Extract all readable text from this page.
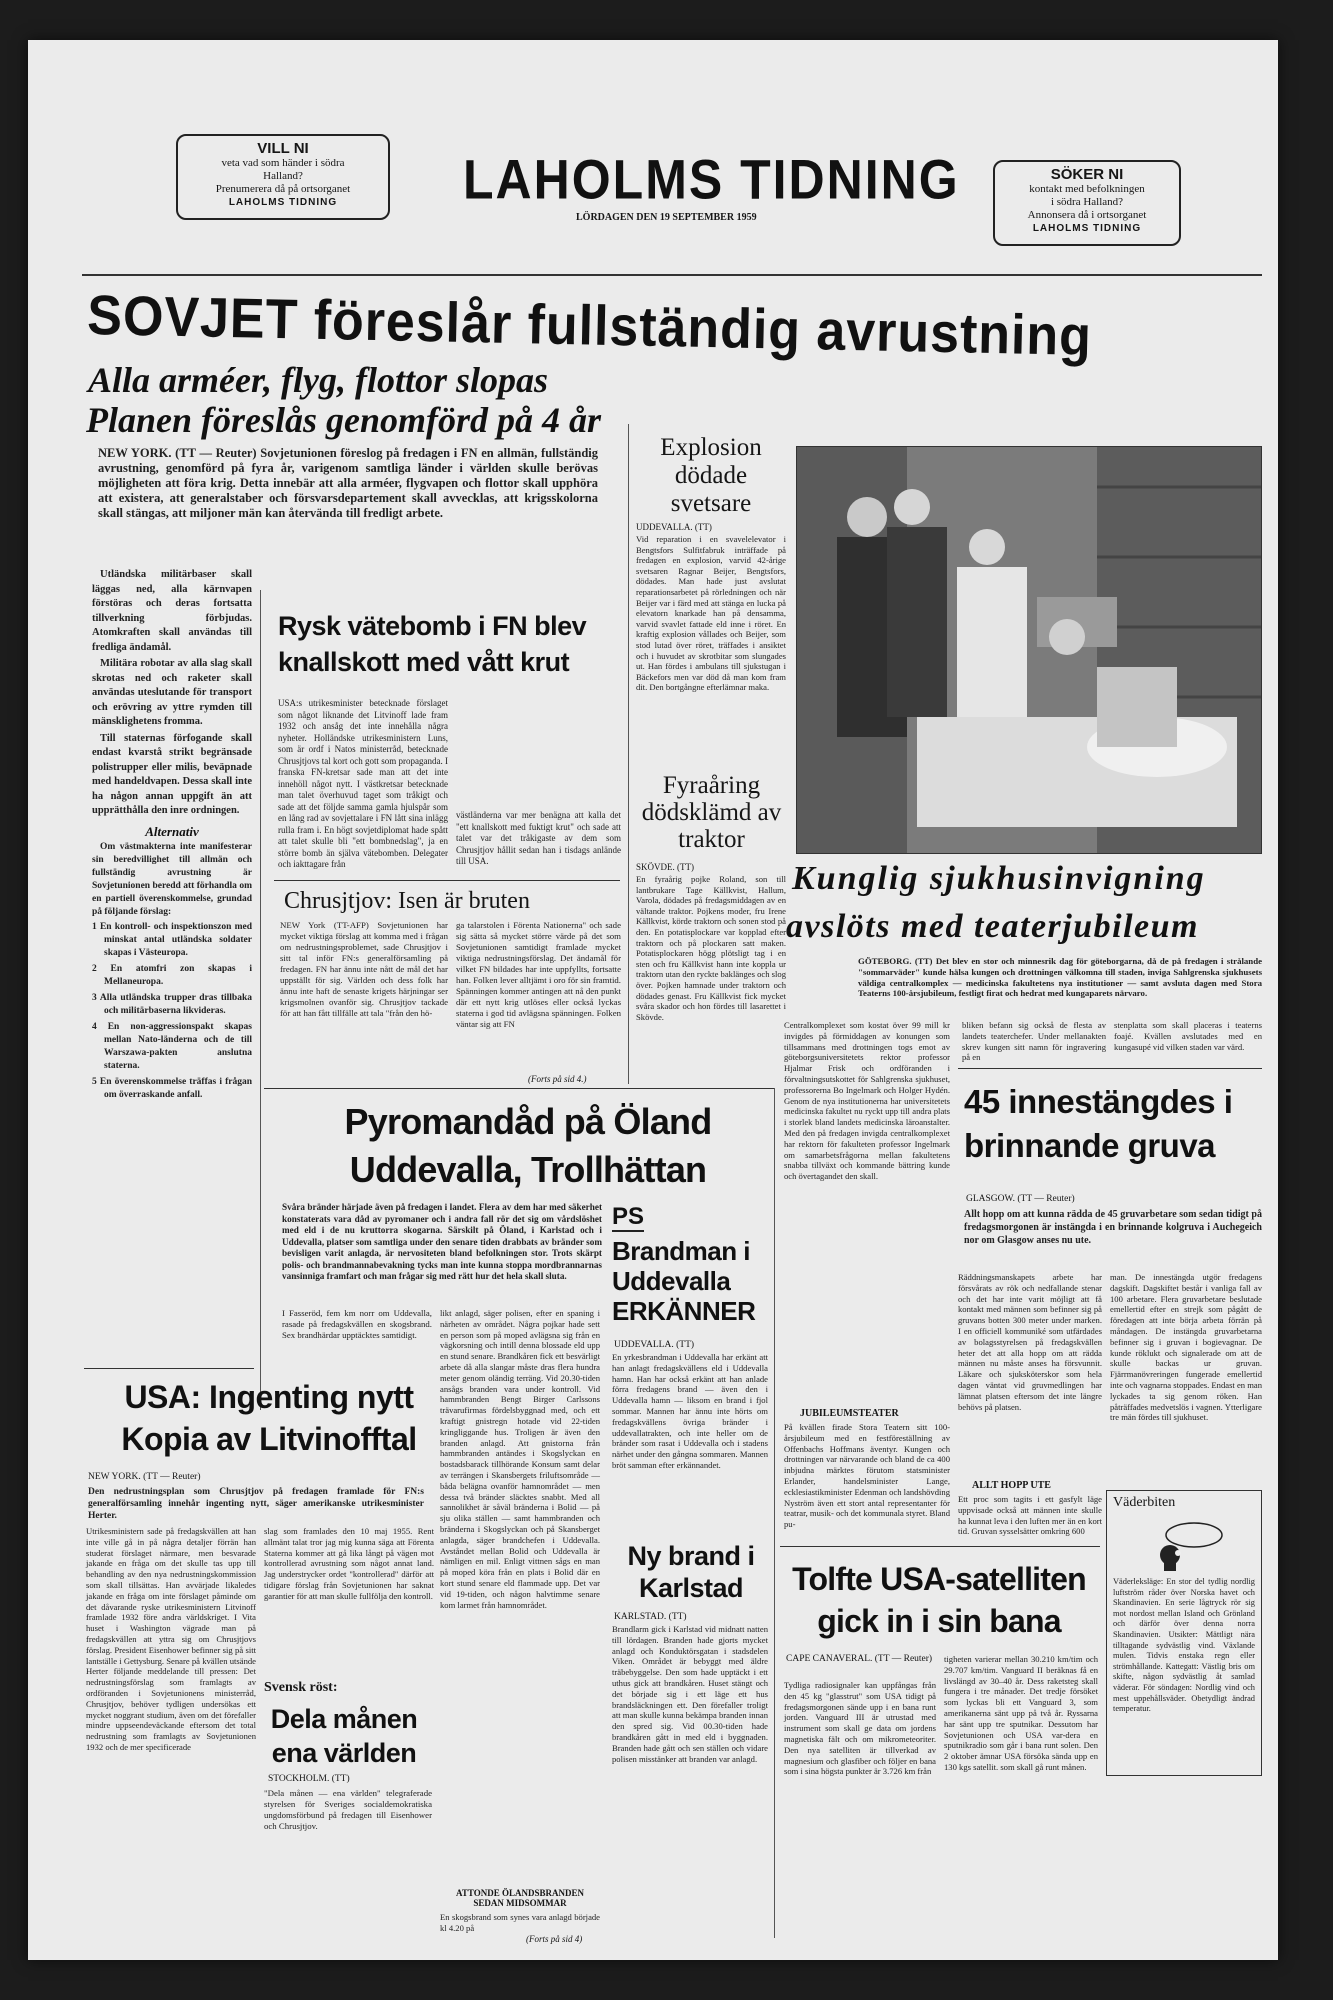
VILL NI
veta vad som händer i södra
Halland?
Prenumerera då på ortsorganet
LAHOLMS TIDNING	LAHOLMS TIDNING
LÖRDAGEN DEN 19 SEPTEMBER 1959
SÖKER NI
kontakt med befolkningen
i södra Halland?
Annonsera då i ortsorganet
LAHOLMS TIDNING
SOVJET föreslår fullständig avrustning
Alla arméer, flyg, flottor slopas
Planen föreslås genomförd på 4 år
NEW YORK. (TT — Reuter) Sovjetunionen föreslog på fredagen i FN en allmän, fullständig avrustning, genomförd på fyra år, varigenom samtliga länder i världen skulle berövas möjligheten att föra krig. Detta innebär att alla arméer, flygvapen och flottor skall upphöra att existera, att generalstaber och försvarsdepartement skall avvecklas, att krigsskolorna skall stängas, att miljoner män kan återvända till fredligt arbete.

Utländska militärbaser skall läggas ned, alla kärnvapen förstöras och deras fortsatta tillverkning förbjudas. Atomkraften skall användas till fredliga ändamål.

Militära robotar av alla slag skall skrotas ned och raketer skall användas uteslutande för transport och erövring av yttre rymden till mänsklighetens fromma.

Till staternas förfogande skall endast kvarstå strikt begränsade polistrupper eller milis, beväpnade med handeldvapen. Dessa skall inte ha någon annan uppgift än att upprätthålla den inre ordningen.

Alternativ

Om västmakterna inte manifesterar sin beredvillighet till allmän och fullständig avrustning är Sovjetunionen beredd att förhandla om en partiell överenskommelse, grundad på följande förslag:

1 En kontroll- och inspektionszon med minskat antal utländska soldater skapas i Västeuropa.
2 En atomfri zon skapas i Mellaneuropa.
3 Alla utländska trupper dras tillbaka och militärbaserna likvideras.
4 En non-aggressionspakt skapas mellan Nato-länderna och de till Warszawa-pakten anslutna staterna.
5 En överenskommelse träffas i frågan om överraskande anfall.
Rysk vätebomb i FN blev knallskott med vått krut
USA:s utrikesminister betecknade förslaget som något liknande det Litvinoff lade fram 1932 och ansåg det inte innehålla några nyheter. Holländske utrikesministern Luns, som är ordf i Natos ministerråd, betecknade Chrusjtjovs tal kort och gott som propaganda. I franska FN-kretsar sade man att det inte innehöll något nytt. I västkretsar betecknade man talet överhuvud taget som tråkigt och sade att det följde samma gamla hjulspår som en lång rad av sovjettalare i FN lått sina inlägg rulla fram i. En högt sovjetdiplomat hade spått att talet skulle bli "ett bombnedslag", ja en större bomb än själva vätebomben. Delegater och iakttagare från
västländerna var mer benägna att kalla det "ett knallskott med fuktigt krut" och sade att talet var det tråkigaste av dem som Chrusjtjov hållit sedan han i tisdags anlände till USA.
Chrusjtjov: Isen är bruten
NEW York (TT-AFP) Sovjetunionen har mycket viktiga förslag att komma med i frågan om nedrustningsproblemet, sade Chrusjtjov i sitt tal inför FN:s generalförsamling på fredagen. FN har ännu inte nått de mål det har uppställt för sig. Världen och dess folk har ännu inte haft de senaste krigets härjningar ser krigsmolnen ovanför sig. Chrusjtjov tackade för att han fått tillfälle att tala "från den hö-
ga talarstolen i Förenta Nationerna" och sade sig sätta så mycket större värde på det som Sovjetunionen samtidigt framlade mycket viktiga nedrustningsförslag. Det ändamål för vilket FN bildades har inte uppfyllts, fortsatte han. Folken lever alltjämt i oro för sin framtid. Spänningen kommer antingen att nå den punkt där ett nytt krig utlöses eller också lyckas staterna i god tid avlägsna spänningen. Folken väntar sig att FN
(Forts på sid 4.)
Explosion dödade svetsare
UDDEVALLA. (TT)
Vid reparation i en svavelelevator i Bengtsfors Sulfitfabruk inträffade på fredagen en explosion, varvid 42-årige svetsaren Ragnar Beijer, Bengtsfors, dödades. Man hade just avslutat reparationsarbetet på rörledningen och när Beijer var i färd med att stänga en lucka på elevatorn knarkade han på densamma, varvid svavlet fattade eld inne i röret. En kraftig explosion vållades och Beijer, som stod lutad över röret, träffades i ansiktet och i huvudet av skrotbitar som slungades ut. Han fördes i ambulans till sjukstugan i Bäckefors men var död då man kom fram dit. Den bortgångne efterlämnar maka.
Fyraåring dödsklämd av traktor
SKÖVDE. (TT)
En fyraårig pojke Roland, son till lantbrukare Tage Källkvist, Hallum, Varola, dödades på fredagsmiddagen av en vältande traktor. Pojkens moder, fru Irene Källkvist, körde traktorn och sonen stod på den. En potatisplockare var kopplad efter traktorn och på plockaren satt maken. Potatisplockaren högg plötsligt tag i en sten och fru Källkvist hann inte koppla ur traktorn utan den ryckte baklänges och slog över. Pojken hamnade under traktorn och dödades genast. Fru Källkvist fick mycket svåra skador och hon fördes till lasarettet i Skövde.
Kunglig sjukhusinvigning
avslöts med teaterjubileum
GÖTEBORG. (TT) Det blev en stor och minnesrik dag för göteborgarna, då de på fredagen i strålande "sommarväder" kunde hälsa kungen och drottningen välkomna till staden, inviga Sahlgrenska sjukhusets väldiga centralkomplex — medicinska fakultetens nya institutioner — samt avsluta dagen med Stora Teaterns 100-årsjubileum, festligt firat och hedrat med kungaparets närvaro.
Centralkomplexet som kostat över 99 mill kr invigdes på förmiddagen av konungen som tillsammans med drottningen togs emot av göteborgsuniversitetets rektor professor Hjalmar Frisk och ordföranden i förvaltningsutskottet för Sahlgrenska sjukhuset, professorerna Bo Ingelmark och Holger Hydén. Genom de nya institutionerna har universitetets medicinska fakultet nu ryckt upp till andra plats i storlek bland landets medicinska läroanstalter. Med den på fredagen invigda centralkomplexet har rektorn för fakulteten professor Ingelmark om samarbetsfrågorna mellan fakultetens snabba tillväxt och kommande bättring kunde och övertagandet den skall.
bliken befann sig också de flesta av landets teaterchefer. Under mellanakten skrev kungen sitt namn för ingravering på en
stenplatta som skall placeras i teaterns foajé. Kvällen avslutades med en kungasupé vid vilken staden var värd.
JUBILEUMSTEATER
På kvällen firade Stora Teatern sitt 100-årsjubileum med en festföreställning av Offenbachs Hoffmans äventyr. Kungen och drottningen var närvarande och bland de ca 400 inbjudna märktes förutom statsminister Erlander, handelsminister Lange, ecklesiastikminister Edenman och landshövding Nyström även ett stort antal representanter för teatrar, musik- och det kommunala styret. Bland pu-
45 innestängdes i brinnande gruva
GLASGOW. (TT — Reuter)
Allt hopp om att kunna rädda de 45 gruvarbetare som sedan tidigt på fredagsmorgonen är instängda i en brinnande kolgruva i Auchegeich nor om Glasgow anses nu ute.
Räddningsmanskapets arbete har försvårats av rök och nedfallande stenar och det har inte varit möjligt att få kontakt med männen som befinner sig på gruvans botten 300 meter under marken. I en officiell kommuniké som utfärdades av bolagsstyrelsen på fredagskvällen heter det att alla hopp om att rädda männen nu måste anses ha försvunnit. Läkare och sjuksköterskor som hela dagen väntat vid gruvmedlingen har lämnat platsen eftersom det inte längre behövs på platsen.
ALLT HOPP UTE
Ett proc som tagits i ett gasfylt läge uppvisade också att männen inte skulle ha kunnat leva i den luften mer än en kort tid. Gruvan sysselsätter omkring 600
man. De innestängda utgör fredagens dagskift. Dagskiftet består i vanliga fall av 100 arbetare. Flera gruvarbetare beslutade emellertid efter en strejk som pågått de föredagen att inte börja arbeta förrän på måndagen. De instängda gruvarbetarna befinner sig i gruvan i bogievagnar. De kunde röklukt och signalerade om att de skulle backas ur gruvan. Fjärrmanövreringen fungerade emellertid inte och vagnarna stoppades. Endast en man lyckades ta sig genom röken. Han påträffades medvetslös i vagnen. Ytterligare tre män fördes till sjukhuset.
Väderbiten
Väderleksläge: En stor del tydlig nordlig luftström råder över Norska havet och Skandinavien. En serie lågtryck rör sig mot nordost mellan Island och Grönland och därför över denna norra Skandinavien. Utsikter: Mättligt nära tilltagande sydvästlig vind. Växlande mulen. Tidvis enstaka regn eller strömhållande. Kattegatt: Västlig bris om skifte, någon sydvästlig åt samlad väderar. För söndagen: Nordlig vind och mest uppehållsväder. Obetydligt ändrad temperatur.
USA: Ingenting nytt Kopia av Litvinofftal
NEW YORK. (TT — Reuter)
Den nedrustningsplan som Chrusjtjov på fredagen framlade för FN:s generalförsamling innehår ingenting nytt, säger amerikanske utrikesminister Herter.
Utrikesministern sade på fredagskvällen att han inte ville gå in på några detaljer förrän han studerat förslaget närmare, men besvarade jakande en fråga om det skulle tas upp till behandling av den nya nedrustningskommission som skall tillsättas. Han avvärjade likaledes jakande en fråga om inte förslaget påminde om det dåvarande ryske utrikesministern Litvinoff framlade 1932 före andra världskriget. I Vita huset i Washington vägrade man på fredagskvällen att yttra sig om Chrusjtjovs förslag. President Eisenhower befinner sig på sitt lantställe i Gettysburg. Senare på kvällen utsände Herter följande meddelande till pressen: Det nedrustningsförslag som framlagts av ordföranden i Sovjetunionens ministerråd, Chrusjtjov, behöver tydligen undersökas ett mycket noggrant studium, även om det förefaller mindre uppseendeväckande eftersom det total nedrustning som framlagts av Sovjetunionen 1932 och de mer specificerade
slag som framlades den 10 maj 1955. Rent allmänt talat tror jag mig kunna säga att Förenta Staterna kommer att gå lika långt på vägen mot kontrollerad avrustning som något annat land. Jag understrycker ordet "kontrollerad" därför att tidigare förslag från Sovjetunionen har saknat garantier för att man skulle fullfölja den kontroll.
Svensk röst:
Dela månen ena världen
STOCKHOLM. (TT)
"Dela månen — ena världen" telegraferade styrelsen för Sveriges socialdemokratiska ungdomsförbund på fredagen till Eisenhower och Chrusjtjov.
Pyromandåd på Öland Uddevalla, Trollhättan
Svåra bränder härjade även på fredagen i landet. Flera av dem har med säkerhet konstaterats vara dåd av pyromaner och i andra fall rör det sig om vårdslöshet med eld i de nu kruttorra skogarna. Särskilt på Öland, i Karlstad och i Uddevalla, platser som samtliga under den senare tiden drabbats av bränder som bevisligen varit anlagda, är nervositeten bland befolkningen stor. Trots skärpt polis- och brandmannabevakning tycks man inte kunna stoppa mordbrannarnas vansinniga framfart och man frågar sig med rätt hur det hela skall sluta.
I Fasseröd, fem km norr om Uddevalla, rasade på fredagskvällen en skogsbrand. Sex brandhärdar upptäcktes samtidigt.
likt anlagd, säger polisen, efter en spaning i närheten av området. Några pojkar hade sett en person som på moped avlägsna sig från en vägkorsning och intill denna blossade eld upp en stund senare. Brandkåren fick ett besvärligt arbete då alla slangar måste dras flera hundra meter genom oländig terräng. Vid 20.30-tiden ansågs branden vara under kontroll. Vid hammbranden Bengt Birger Carlssons trävarufirmas fördelsbyggnad med, och ett kraftigt gnistregn hotade vid 22-tiden kringliggande hus. Troligen är även den branden anlagd. Att gnistorna från hammbranden antändes i Skogslyckan en bostadsbarack tillhörande Konsum samt delar av terrängen i Skansbergets friluftsområde — båda belägna ovanför hamnområdet — men dessa två bränder släcktes snabbt. Med all sannolikhet är såväl bränderna i Bolid — på sju olika ställen — samt hammbranden och bränderna i Skogslyckan och på Skansberget anlagda, säger brandchefen i Uddevalla. Avståndet mellan Bolid och Uddevalla är nämligen en mil. Enligt vittnen sågs en man på moped köra från en plats i Bolid där en kort stund senare eld flammade upp. Det var vid 19-tiden, och någon halvtimme senare kom larmet från hamnområdet.
ATTONDE ÖLANDSBRANDEN SEDAN MIDSOMMAR
En skogsbrand som synes vara anlagd började kl 4.20 på
(Forts på sid 4)
PS
Brandman i Uddevalla ERKÄNNER
UDDEVALLA. (TT)
En yrkesbrandman i Uddevalla har erkänt att han anlagt fredagskvällens eld i Uddevalla hamn. Han har också erkänt att han anlade förra fredagens brand — även den i Uddevalla hamn — liksom en brand i fjol sommar. Mannen har ännu inte hörts om fredagskvällens övriga bränder i uddevallatrakten, och inte heller om de bränder som rasat i Uddevalla och i stadens närhet under den gångna sommaren. Mannen bröt samman efter erkännandet.
Ny brand i Karlstad
KARLSTAD. (TT)
Brandlarm gick i Karlstad vid midnatt natten till lördagen. Branden hade gjorts mycket anlagd och Konduktörsgatan i stadsdelen Viken. Området är bebyggt med äldre träbebyggelse. Den som hade upptäckt i ett uthus gick att brandkåren. Huset stängt och det började sig i ett läge ett hus brandsläckningen ett. Den förefaller troligt att man skulle kunna bekämpa branden innan den spred sig. Vid 00.30-tiden hade brandkåren gått in med eld i byggnaden. Branden hade gått och sen ställen och vidare polisen misstänker att branden var anlagd.
Tolfte USA-satelliten gick in i sin bana
CAPE CANAVERAL. (TT — Reuter)
Tydliga radiosignaler kan uppfångas från den 45 kg "glasstrut" som USA tidigt på fredagsmorgonen sände upp i en bana runt jorden. Vanguard III är utrustad med instrument som skall ge data om jordens magnetiska fält och om mikrometeoriter. Den nya satelliten är tillverkad av magnesium och glasfiber och följer en bana som i sina högsta punkter är 3.726 km från
tigheten varierar mellan 30.210 km/tim och 29.707 km/tim. Vanguard II beräknas få en livslängd av 30–40 år. Dess raketsteg skall fungera i tre månader. Det tredje försöket som lyckas bli ett Vanguard 3, som amerikanerna sänt upp på två år. Ryssarna har sänt upp tre sputnikar. Dessutom har Sovjetunionen och USA var-dera en sputnikradio som går i bana runt solen. Den 2 oktober ämnar USA försöka sända upp en 130 kgs satellit. som skall gå runt månen.
